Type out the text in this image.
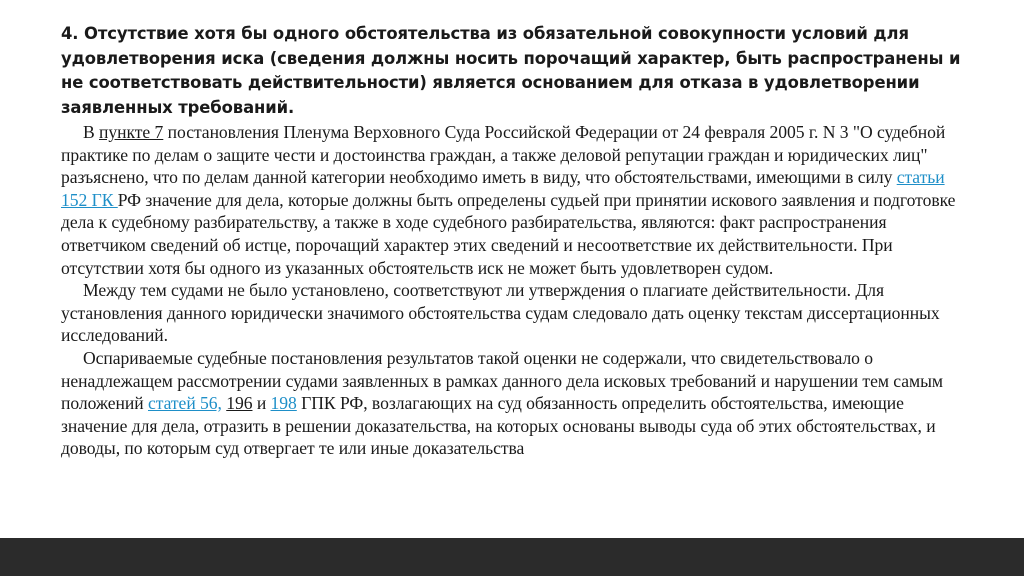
4. Отсутствие хотя бы одного обстоятельства из обязательной совокупности условий для удовлетворения иска (сведения должны носить порочащий характер, быть распространены и не соответствовать действительности) является основанием для отказа в удовлетворении заявленных требований.

В пункте 7 постановления Пленума Верховного Суда Российской Федерации от 24 февраля 2005 г. N 3 "О судебной практике по делам о защите чести и достоинства граждан, а также деловой репутации граждан и юридических лиц" разъяснено, что по делам данной категории необходимо иметь в виду, что обстоятельствами, имеющими в силу статьи 152 ГК РФ значение для дела, которые должны быть определены судьей при принятии искового заявления и подготовке дела к судебному разбирательству, а также в ходе судебного разбирательства, являются: факт распространения ответчиком сведений об истце, порочащий характер этих сведений и несоответствие их действительности. При отсутствии хотя бы одного из указанных обстоятельств иск не может быть удовлетворен судом.

Между тем судами не было установлено, соответствуют ли утверждения о плагиате действительности. Для установления данного юридически значимого обстоятельства судам следовало дать оценку текстам диссертационных исследований.

Оспариваемые судебные постановления результатов такой оценки не содержали, что свидетельствовало о ненадлежащем рассмотрении судами заявленных в рамках данного дела исковых требований и нарушении тем самым положений статей 56, 196 и 198 ГПК РФ, возлагающих на суд обязанность определить обстоятельства, имеющие значение для дела, отразить в решении доказательства, на которых основаны выводы суда об этих обстоятельствах, и доводы, по которым суд отвергает те или иные доказательства
